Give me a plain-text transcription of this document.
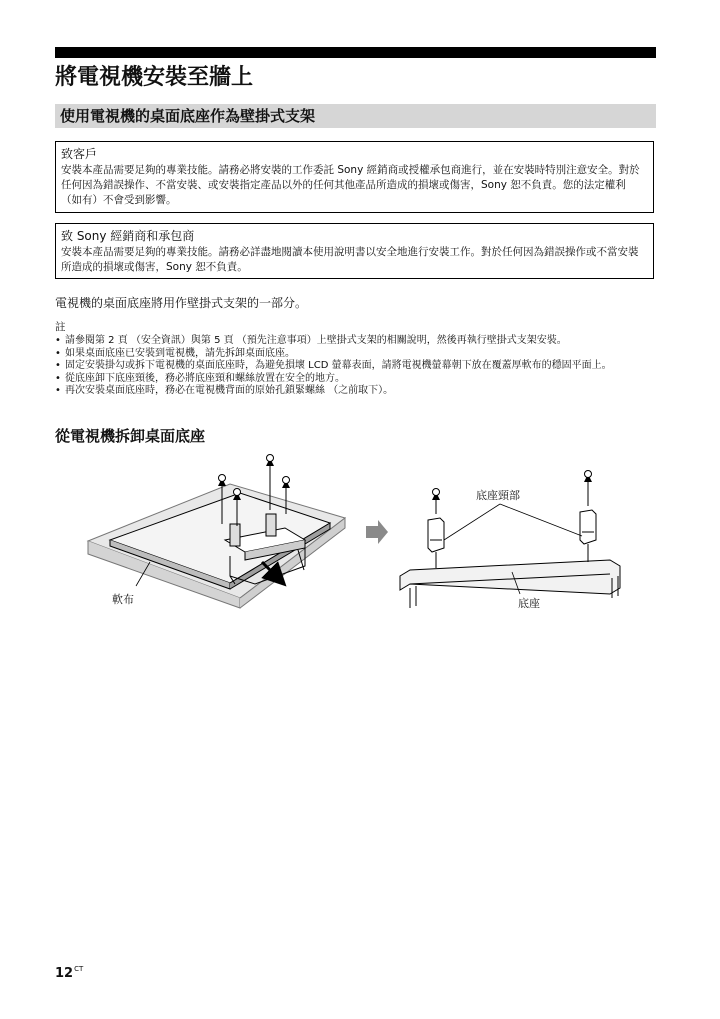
將電視機安裝至牆上
使用電視機的桌面底座作為壁掛式支架
致客戶

安裝本產品需要足夠的專業技能。請務必將安裝的工作委託 Sony 經銷商或授權承包商進行，並在安裝時特別注意安全。對於任何因為錯誤操作、不當安裝、或安裝指定產品以外的任何其他產品所造成的損壞或傷害，Sony 恕不負責。您的法定權利 （如有）不會受到影響。

致 Sony 經銷商和承包商

安裝本產品需要足夠的專業技能。請務必詳盡地閱讀本使用說明書以安全地進行安裝工作。對於任何因為錯誤操作或不當安裝所造成的損壞或傷害，Sony 恕不負責。

電視機的桌面底座將用作壁掛式支架的一部分。

註

• 請參閱第 2 頁 （安全資訊）與第 5 頁 （預先注意事項）上壁掛式支架的相關說明，然後再執行壁掛式支架安裝。
• 如果桌面底座已安裝到電視機，請先拆卸桌面底座。
• 固定安裝掛勾或拆下電視機的桌面底座時，為避免損壞 LCD 螢幕表面，請將電視機螢幕朝下放在覆蓋厚軟布的穩固平面上。
• 從底座卸下底座頸後，務必將底座頸和螺絲放置在安全的地方。
• 再次安裝桌面底座時，務必在電視機背面的原始孔鎖緊螺絲 （之前取下）。
從電視機拆卸桌面底座
軟布
底座頸部
底座
$12^{CT}$
